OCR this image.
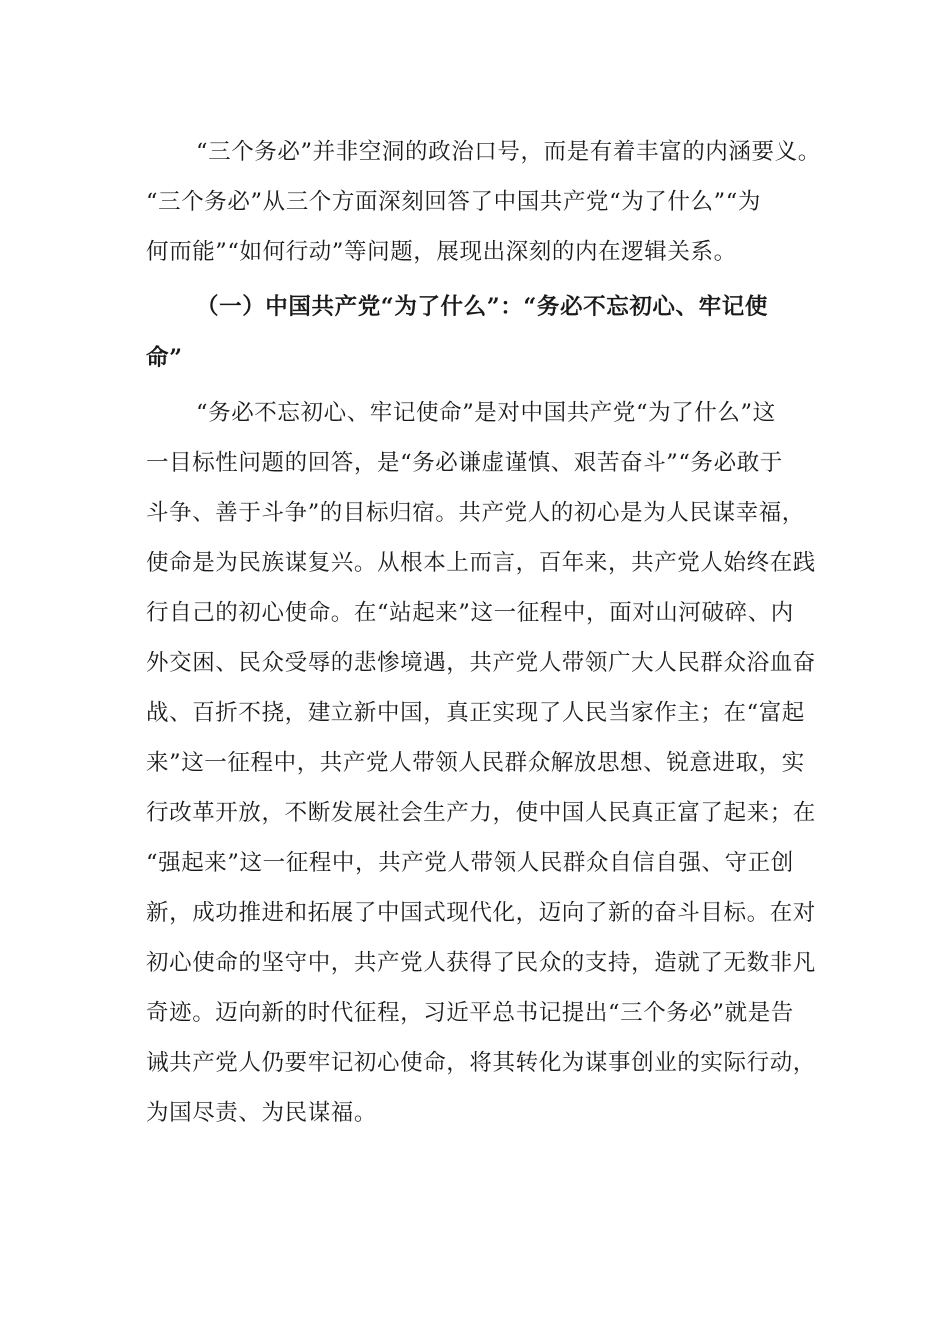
“三个务必”并非空洞的政治口号，而是有着丰富的内涵要义。
“三个务必”从三个方面深刻回答了中国共产党“为了什么”“为
何而能”“如何行动”等问题，展现出深刻的内在逻辑关系。
（一）中国共产党“为了什么”：“务必不忘初心、牢记使
命”
“务必不忘初心、牢记使命”是对中国共产党“为了什么”这
一目标性问题的回答，是“务必谦虚谨慎、艰苦奋斗”“务必敢于
斗争、善于斗争”的目标归宿。共产党人的初心是为人民谋幸福，
使命是为民族谋复兴。从根本上而言，百年来，共产党人始终在践
行自己的初心使命。在“站起来”这一征程中，面对山河破碎、内
外交困、民众受辱的悲惨境遇，共产党人带领广大人民群众浴血奋
战、百折不挠，建立新中国，真正实现了人民当家作主；在“富起
来”这一征程中，共产党人带领人民群众解放思想、锐意进取，实
行改革开放，不断发展社会生产力，使中国人民真正富了起来；在
“强起来”这一征程中，共产党人带领人民群众自信自强、守正创
新，成功推进和拓展了中国式现代化，迈向了新的奋斗目标。在对
初心使命的坚守中，共产党人获得了民众的支持，造就了无数非凡
奇迹。迈向新的时代征程，习近平总书记提出“三个务必”就是告
诫共产党人仍要牢记初心使命，将其转化为谋事创业的实际行动，
为国尽责、为民谋福。
